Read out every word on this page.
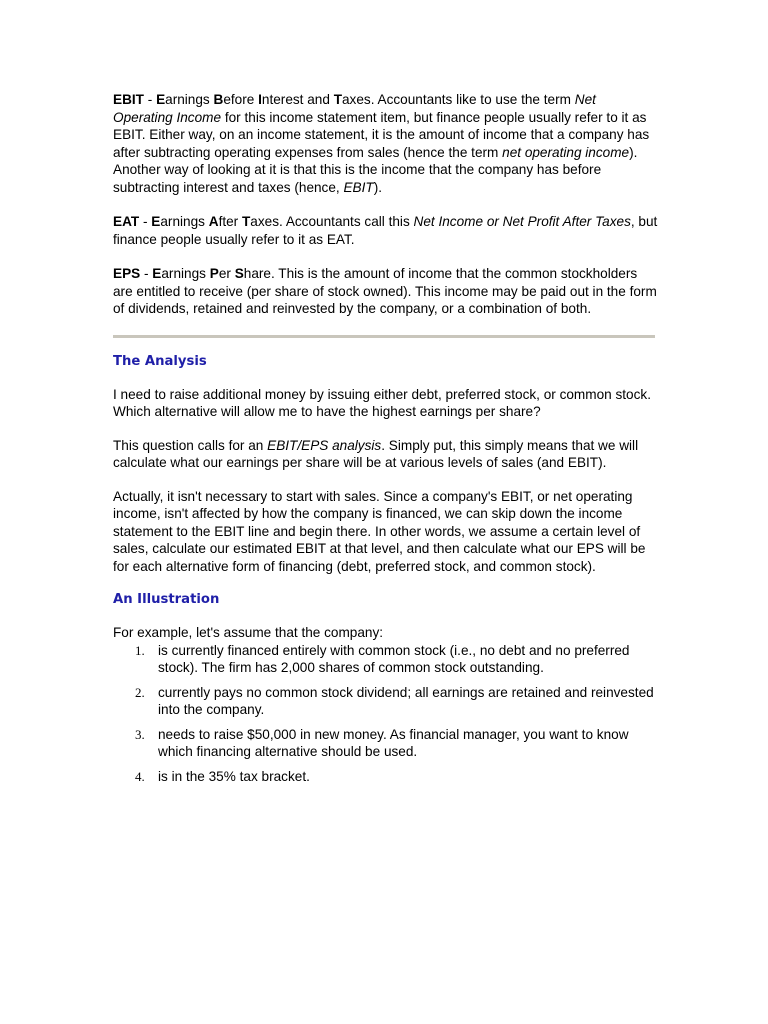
EBIT - Earnings Before Interest and Taxes. Accountants like to use the term Net Operating Income for this income statement item, but finance people usually refer to it as EBIT. Either way, on an income statement, it is the amount of income that a company has after subtracting operating expenses from sales (hence the term net operating income). Another way of looking at it is that this is the income that the company has before subtracting interest and taxes (hence, EBIT).

EAT - Earnings After Taxes. Accountants call this Net Income or Net Profit After Taxes, but finance people usually refer to it as EAT.

EPS - Earnings Per Share. This is the amount of income that the common stockholders are entitled to receive (per share of stock owned). This income may be paid out in the form of dividends, retained and reinvested by the company, or a combination of both.

The Analysis

I need to raise additional money by issuing either debt, preferred stock, or common stock. Which alternative will allow me to have the highest earnings per share?

This question calls for an EBIT/EPS analysis. Simply put, this simply means that we will calculate what our earnings per share will be at various levels of sales (and EBIT).

Actually, it isn't necessary to start with sales. Since a company's EBIT, or net operating income, isn't affected by how the company is financed, we can skip down the income statement to the EBIT line and begin there. In other words, we assume a certain level of sales, calculate our estimated EBIT at that level, and then calculate what our EPS will be for each alternative form of financing (debt, preferred stock, and common stock).

An Illustration

For example, let's assume that the company:

1. is currently financed entirely with common stock (i.e., no debt and no preferred stock). The firm has 2,000 shares of common stock outstanding.
2. currently pays no common stock dividend; all earnings are retained and reinvested into the company.
3. needs to raise $50,000 in new money. As financial manager, you want to know which financing alternative should be used.
4. is in the 35% tax bracket.
